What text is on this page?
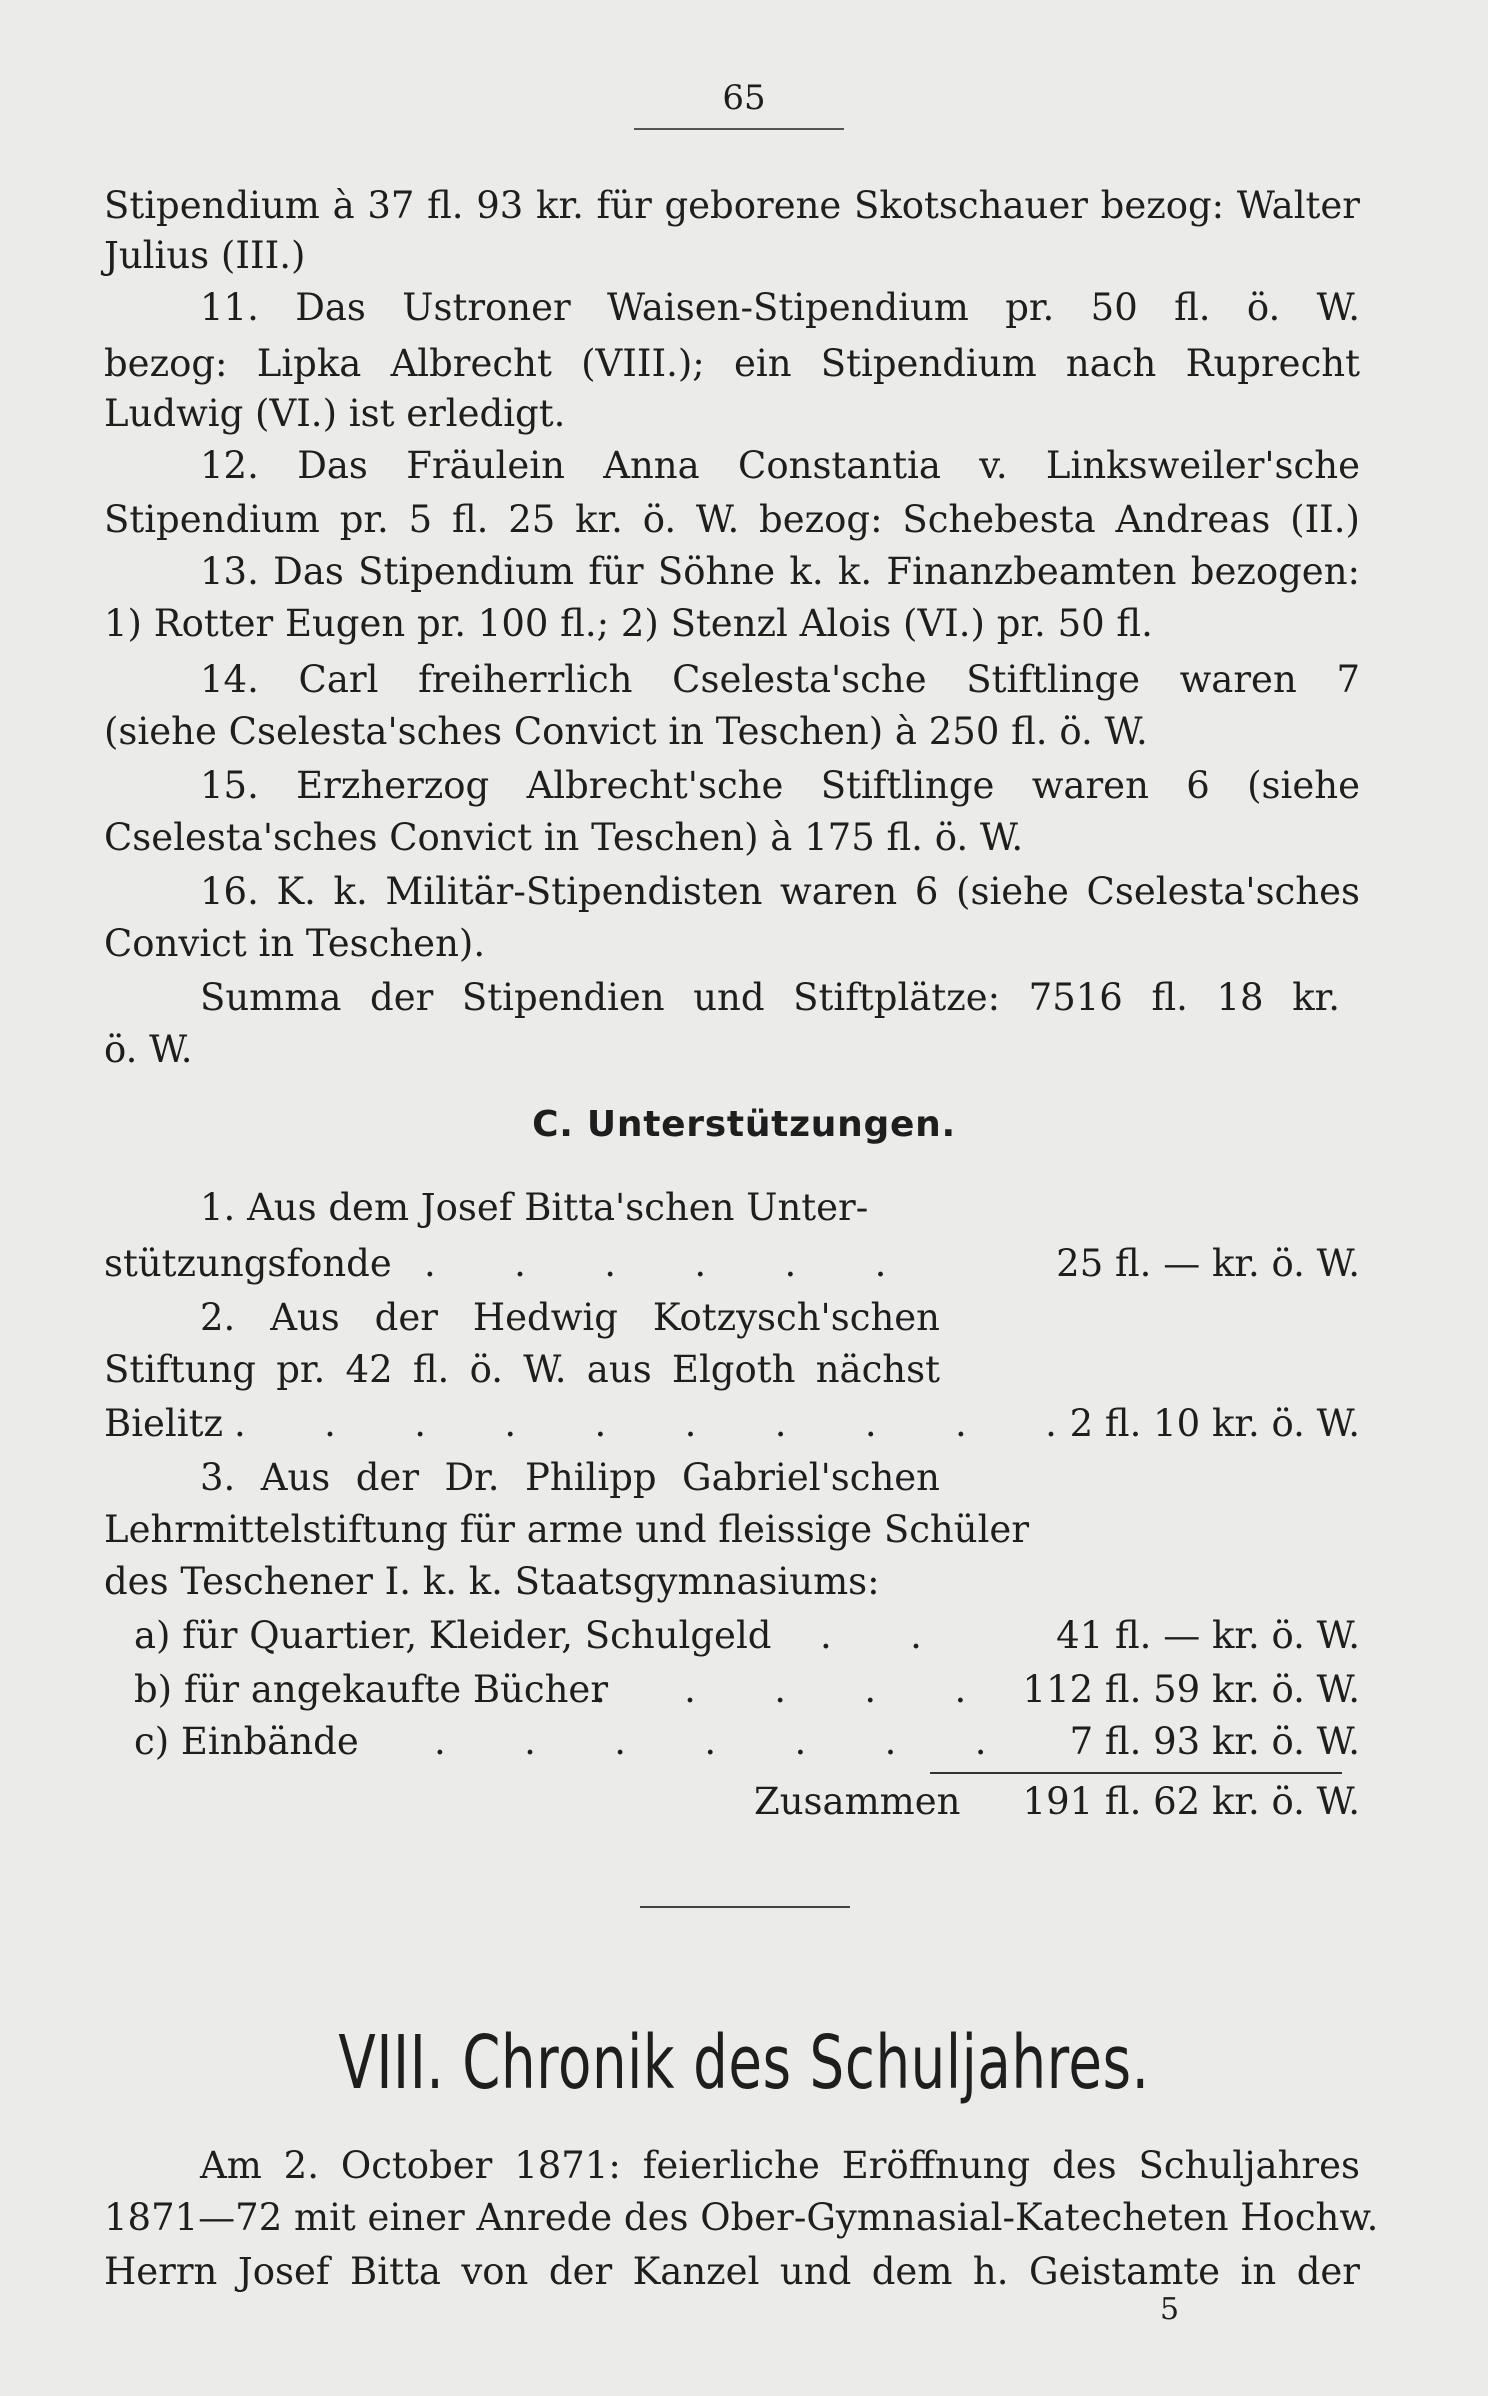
65
Stipendium à 37 fl. 93 kr. für geborene Skotschauer bezog: Walter
Julius (III.)
11. Das Ustroner Waisen-Stipendium pr. 50 fl. ö. W.
bezog: Lipka Albrecht (VIII.); ein Stipendium nach Ruprecht
Ludwig (VI.) ist erledigt.
12. Das Fräulein Anna Constantia v. Linksweiler'sche
Stipendium pr. 5 fl. 25 kr. ö. W. bezog: Schebesta Andreas (II.)
13. Das Stipendium für Söhne k. k. Finanzbeamten bezogen:
1) Rotter Eugen pr. 100 fl.; 2) Stenzl Alois (VI.) pr. 50 fl.
14. Carl freiherrlich Cselesta'sche Stiftlinge waren 7
(siehe Cselesta'sches Convict in Teschen) à 250 fl. ö. W.
15. Erzherzog Albrecht'sche Stiftlinge waren 6 (siehe
Cselesta'sches Convict in Teschen) à 175 fl. ö. W.
16. K. k. Militär-Stipendisten waren 6 (siehe Cselesta'sches
Convict in Teschen).
Summa der Stipendien und Stiftplätze: 7516 fl. 18 kr.
ö. W.
C. Unterstützungen.
1. Aus dem Josef Bitta'schen Unter-
stützungsfonde . . . . . .	25 fl. — kr. ö. W.
2. Aus der Hedwig Kotzysch'schen
Stiftung pr. 42 fl. ö. W. aus Elgoth nächst
Bielitz . . . . . . . . . .
2 fl. 10 kr. ö. W.
3. Aus der Dr. Philipp Gabriel'schen
Lehrmittelstiftung für arme und fleissige Schüler
des Teschener I. k. k. Staatsgymnasiums:
a) für Quartier, Kleider, Schulgeld . .	41 fl. — kr. ö. W.
b) für angekaufte Bücher
. . . . . 112 fl. 59 kr. ö. W.
c) Einbände . . . . . . . 7 fl. 93 kr. ö. W.
Zusammen 191 fl. 62 kr. ö. W.
VIII. Chronik des Schuljahres.
Am 2. October 1871: feierliche Eröffnung des Schuljahres
1871—72 mit einer Anrede des Ober-Gymnasial-Katecheten Hochw.
Herrn Josef Bitta von der Kanzel und dem h. Geistamte in der
5
